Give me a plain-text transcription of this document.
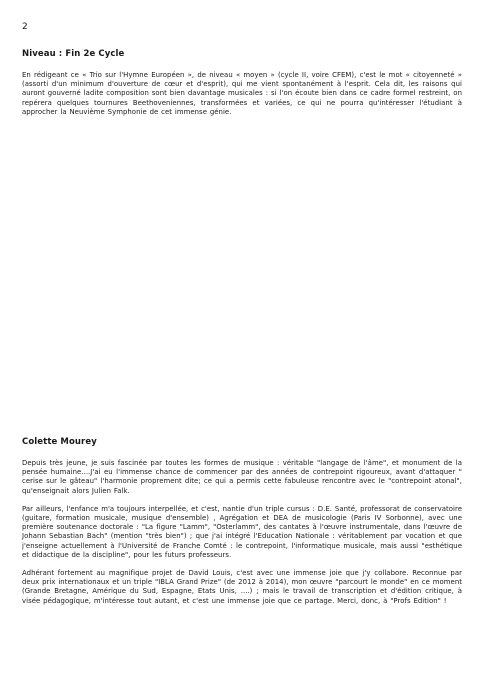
2
Niveau : Fin 2e Cycle

En rédigeant ce « Trio sur l'Hymne Européen », de niveau « moyen » (cycle II, voire CFEM), c'est le mot « citoyenneté » (assorti d'un minimum d'ouverture de cœur et d'esprit), qui me vient spontanément à l'esprit. Cela dit, les raisons qui auront gouverné ladite composition sont bien davantage musicales : si l'on écoute bien dans ce cadre formel restreint, on repérera quelques tournures Beethoveniennes, transformées et variées, ce qui ne pourra qu'intéresser l'étudiant à approcher la Neuvième Symphonie de cet immense génie.

Colette Mourey

Depuis très jeune, je suis fascinée par toutes les formes de musique : véritable "langage de l'âme", et monument de la pensée humaine....J'ai eu l'immense chance de commencer par des années de contrepoint rigoureux, avant d'attaquer " cerise sur le gâteau" l'harmonie proprement dite; ce qui a permis cette fabuleuse rencontre avec le "contrepoint atonal", qu'enseignait alors Julien Falk.

Par ailleurs, l'enfance m'a toujours interpellée, et c'est, nantie d'un triple cursus : D.E. Santé, professorat de conservatoire (guitare, formation musicale, musique d'ensemble) , Agrégation et DEA de musicologie (Paris IV Sorbonne), avec une première soutenance doctorale : "La figure "Lamm", "Osterlamm", des cantates à l'œuvre instrumentale, dans l'œuvre de Johann Sebastian Bach" (mention "très bien") ; que j'ai intégré l'Education Nationale : véritablement par vocation et que j'enseigne actuellement à l'Université de Franche Comté : le contrepoint, l'informatique musicale, mais aussi "esthétique et didactique de la discipline", pour les futurs professeurs.

Adhérant fortement au magnifique projet de David Louis, c'est avec une immense joie que j'y collabore. Reconnue par deux prix internationaux et un triple "IBLA Grand Prize" (de 2012 à 2014), mon œuvre "parcourt le monde" en ce moment (Grande Bretagne, Amérique du Sud, Espagne, Etats Unis, ....) ; mais le travail de transcription et d'édition critique, à visée pédagogique, m'intéresse tout autant, et c'est une immense joie que ce partage. Merci, donc, à "Profs Edition" !
